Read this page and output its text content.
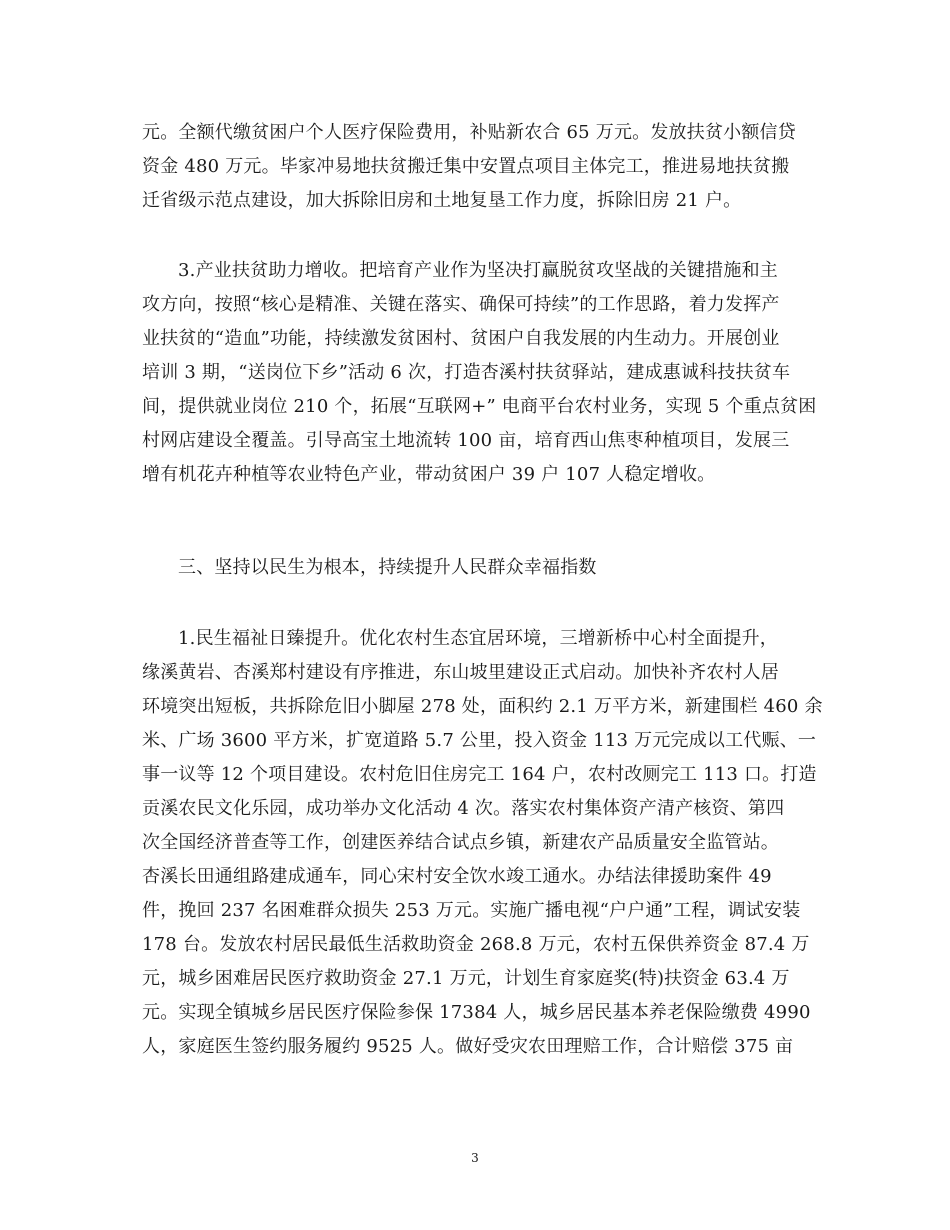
元。全额代缴贫困户个人医疗保险费用，补贴新农合 65 万元。发放扶贫小额信贷
资金 480 万元。毕家冲易地扶贫搬迁集中安置点项目主体完工，推进易地扶贫搬
迁省级示范点建设，加大拆除旧房和土地复垦工作力度，拆除旧房 21 户。
3.产业扶贫助力增收。把培育产业作为坚决打赢脱贫攻坚战的关键措施和主
攻方向，按照“核心是精准、关键在落实、确保可持续”的工作思路，着力发挥产
业扶贫的“造血”功能，持续激发贫困村、贫困户自我发展的内生动力。开展创业
培训 3 期，“送岗位下乡”活动 6 次，打造杏溪村扶贫驿站，建成惠诚科技扶贫车
间，提供就业岗位 210 个，拓展“互联网+” 电商平台农村业务，实现 5 个重点贫困
村网店建设全覆盖。引导高宝土地流转 100 亩，培育西山焦枣种植项目，发展三
增有机花卉种植等农业特色产业，带动贫困户 39 户 107 人稳定增收。
三、坚持以民生为根本，持续提升人民群众幸福指数
1.民生福祉日臻提升。优化农村生态宜居环境，三增新桥中心村全面提升，
缘溪黄岩、杏溪郑村建设有序推进，东山坡里建设正式启动。加快补齐农村人居
环境突出短板，共拆除危旧小脚屋 278 处，面积约 2.1 万平方米，新建围栏 460 余
米、广场 3600 平方米，扩宽道路 5.7 公里，投入资金 113 万元完成以工代赈、一
事一议等 12 个项目建设。农村危旧住房完工 164 户，农村改厕完工 113 口。打造
贡溪农民文化乐园，成功举办文化活动 4 次。落实农村集体资产清产核资、第四
次全国经济普查等工作，创建医养结合试点乡镇，新建农产品质量安全监管站。
杏溪长田通组路建成通车，同心宋村安全饮水竣工通水。办结法律援助案件 49
件，挽回 237 名困难群众损失 253 万元。实施广播电视“户户通”工程，调试安装
178 台。发放农村居民最低生活救助资金 268.8 万元，农村五保供养资金 87.4 万
元，城乡困难居民医疗救助资金 27.1 万元，计划生育家庭奖(特)扶资金 63.4 万
元。实现全镇城乡居民医疗保险参保 17384 人，城乡居民基本养老保险缴费 4990
人，家庭医生签约服务履约 9525 人。做好受灾农田理赔工作，合计赔偿 375 亩
3
